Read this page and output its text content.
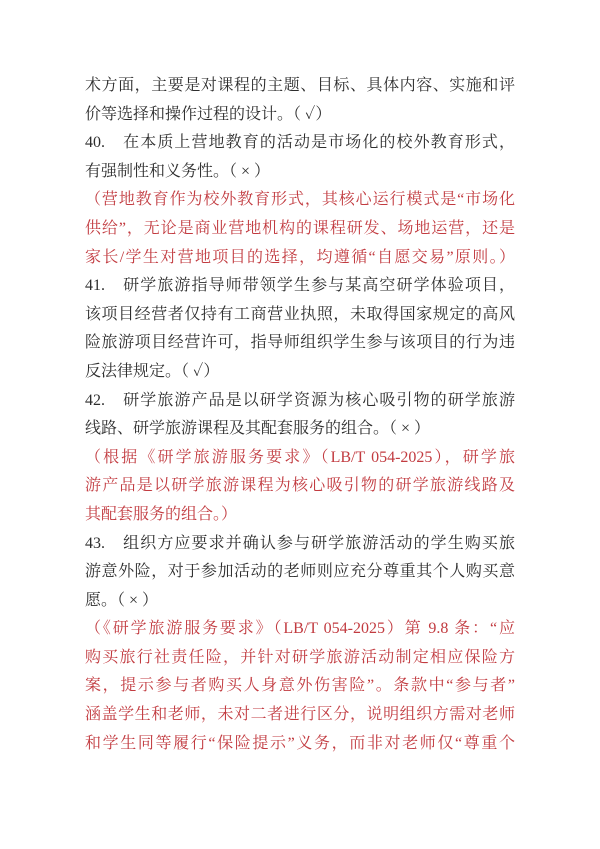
术方面，主要是对课程的主题、目标、具体内容、实施和评
价等选择和操作过程的设计。（ ✓）
40.　在本质上营地教育的活动是市场化的校外教育形式，
有强制性和义务性。（ × ）
（营地教育作为校外教育形式，其核心运行模式是“市场化
供给”，无论是商业营地机构的课程研发、场地运营，还是
家长/学生对营地项目的选择，均遵循“自愿交易”原则。）
41.　研学旅游指导师带领学生参与某高空研学体验项目，
该项目经营者仅持有工商营业执照，未取得国家规定的高风
险旅游项目经营许可，指导师组织学生参与该项目的行为违
反法律规定。（ ✓）
42.　研学旅游产品是以研学资源为核心吸引物的研学旅游
线路、研学旅游课程及其配套服务的组合。（ × ）
（根据《研学旅游服务要求》（LB/T 054-2025），研学旅
游产品是以研学旅游课程为核心吸引物的研学旅游线路及
其配套服务的组合。）
43.　组织方应要求并确认参与研学旅游活动的学生购买旅
游意外险，对于参加活动的老师则应充分尊重其个人购买意
愿。（ × ）
（《研学旅游服务要求》（LB/T 054-2025）第 9.8 条：“应
购买旅行社责任险，并针对研学旅游活动制定相应保险方
案，提示参与者购买人身意外伤害险”。条款中“参与者”
涵盖学生和老师，未对二者进行区分，说明组织方需对老师
和学生同等履行“保险提示”义务，而非对老师仅“尊重个
